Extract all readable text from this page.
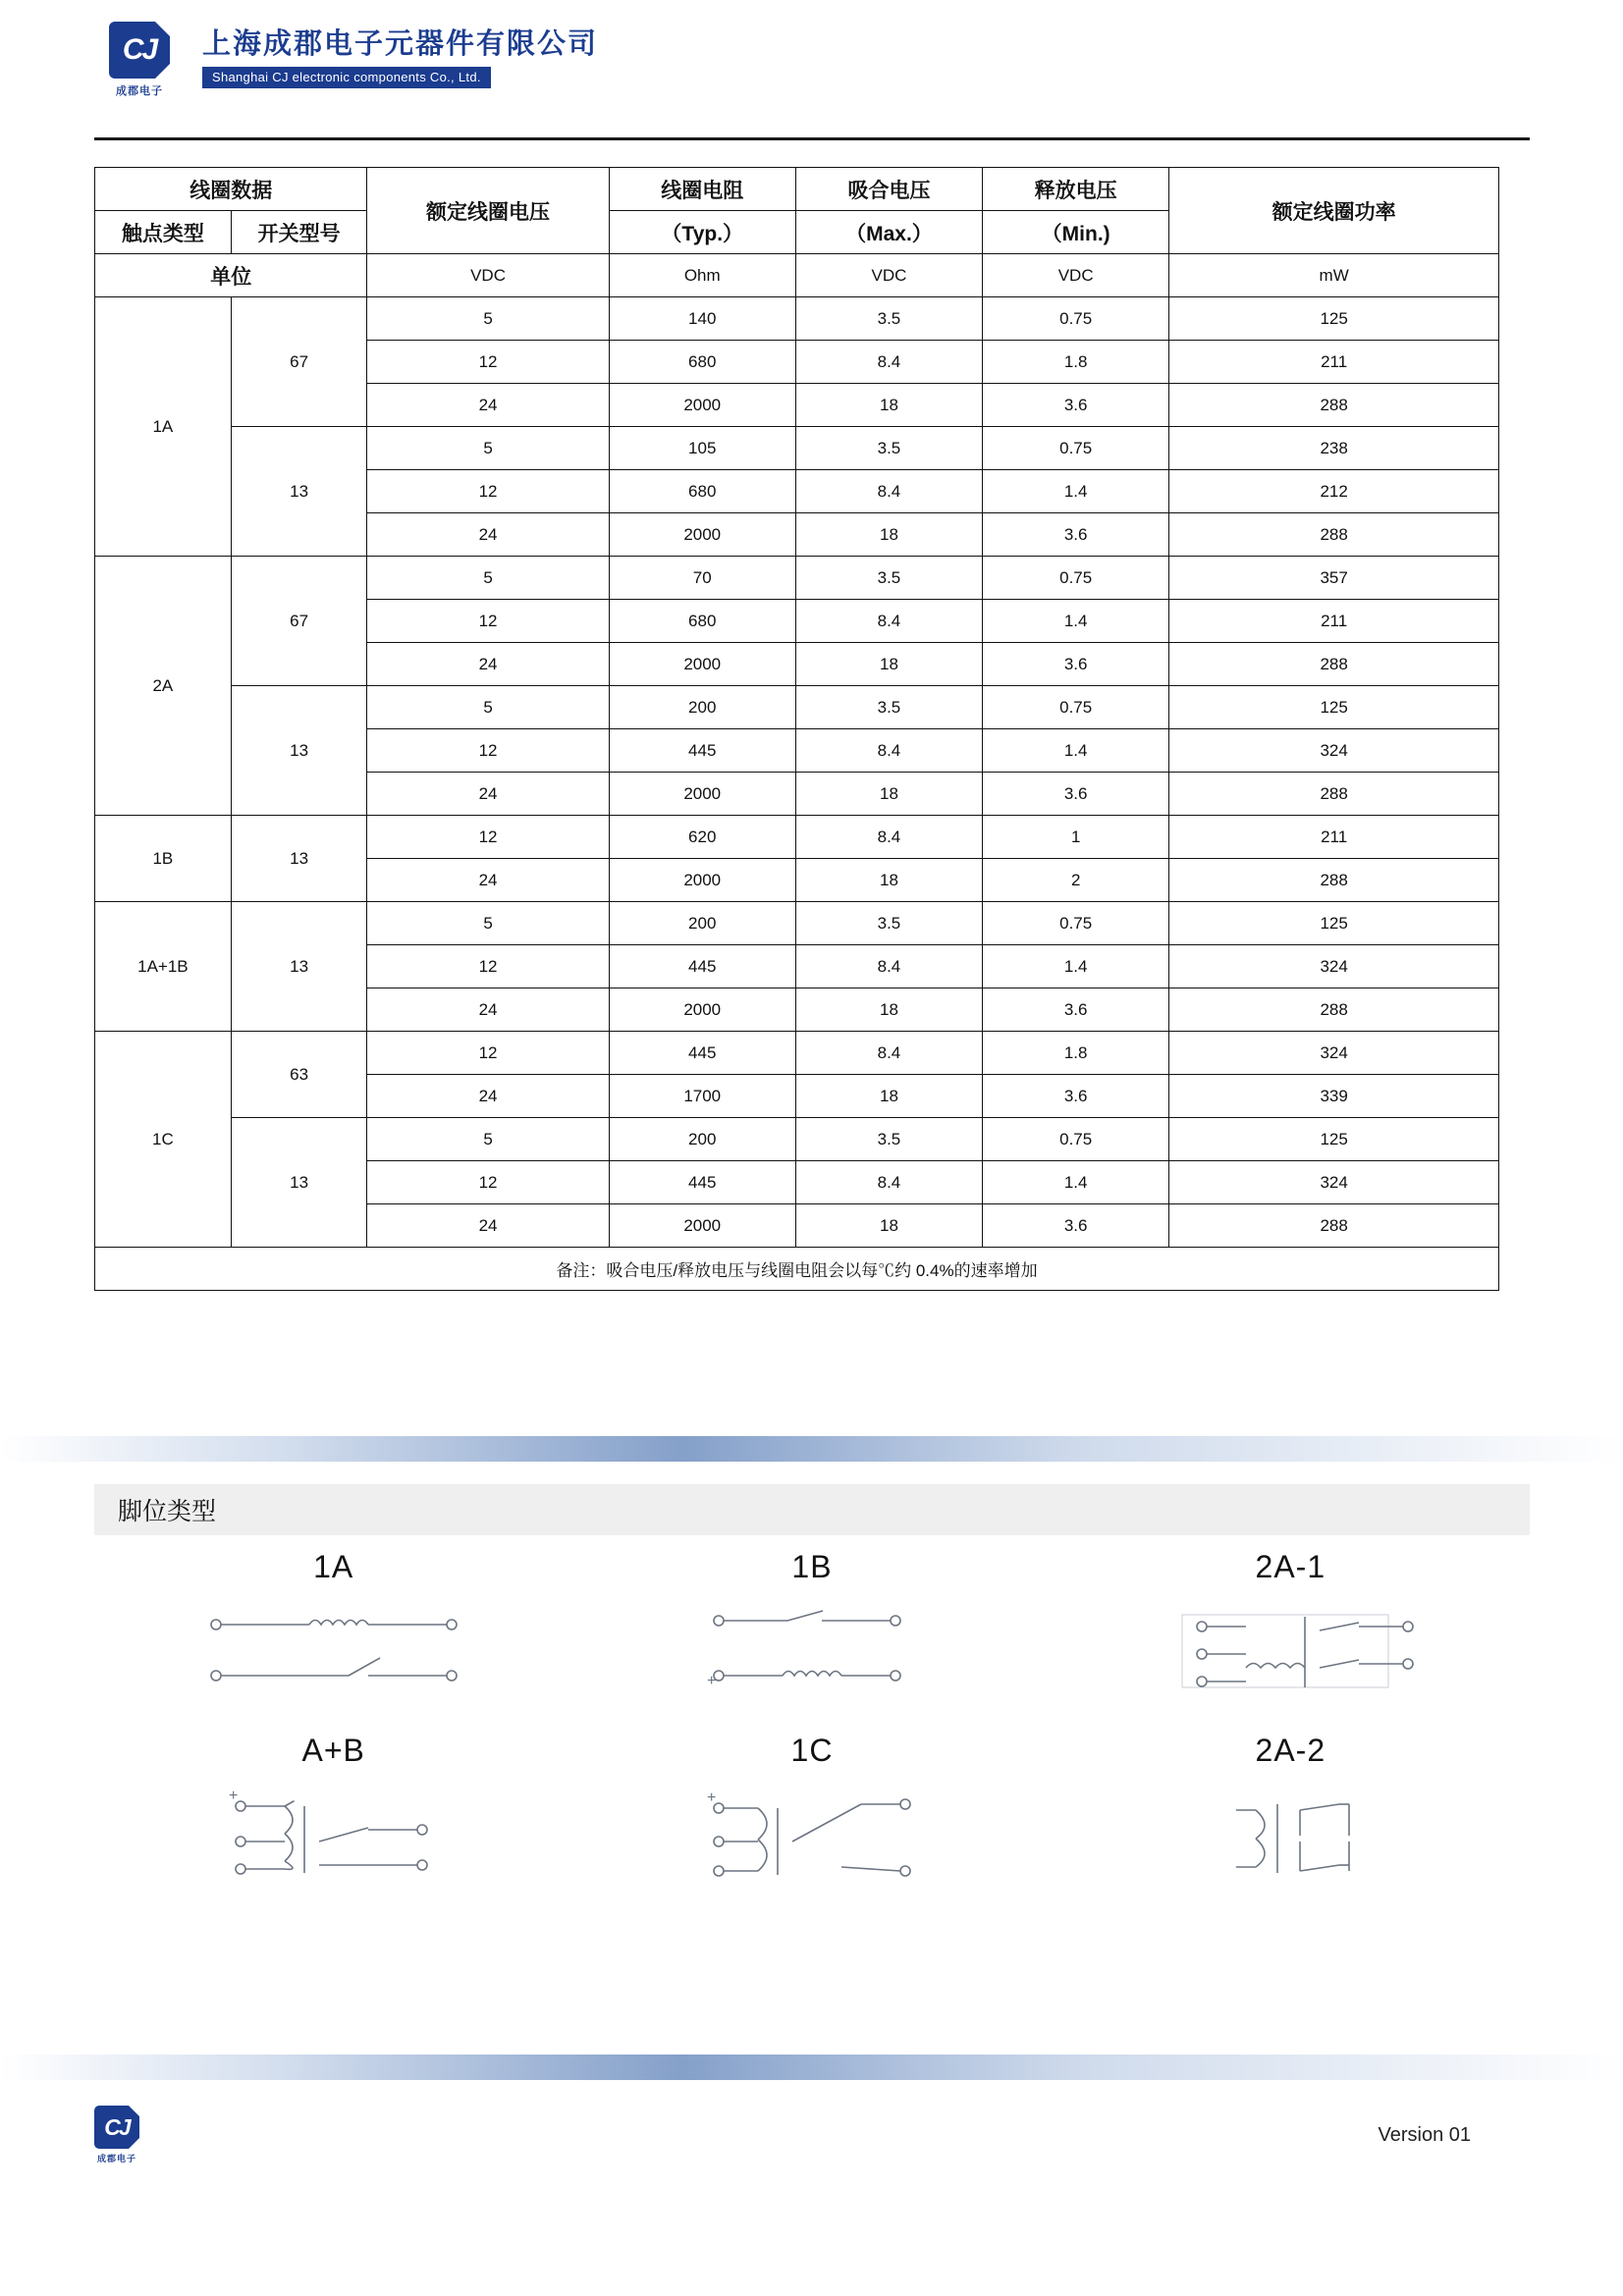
CJ
成郡电子
上海成郡电子元器件有限公司
Shanghai CJ electronic components Co., Ltd.
线圈数据		额定线圈电压	线圈电阻	吸合电压	释放电压	额定线圈功率
触点类型	开关型号		（Typ.）	（Max.）	（Min.)	
单位		VDC	Ohm	VDC	VDC	mW
1A	67	5	140	3.5	0.75	125
		12	680	8.4	1.8	211
		24	2000	18	3.6	288
	13	5	105	3.5	0.75	238
		12	680	8.4	1.4	212
		24	2000	18	3.6	288
2A	67	5	70	3.5	0.75	357
		12	680	8.4	1.4	211
		24	2000	18	3.6	288
	13	5	200	3.5	0.75	125
		12	445	8.4	1.4	324
		24	2000	18	3.6	288
1B	13	12	620	8.4	1	211
		24	2000	18	2	288
1A+1B	13	5	200	3.5	0.75	125
		12	445	8.4	1.4	324
		24	2000	18	3.6	288
1C	63	12	445	8.4	1.8	324
		24	1700	18	3.6	339
	13	5	200	3.5	0.75	125
		12	445	8.4	1.4	324
		24	2000	18	3.6	288
备注：吸合电压/释放电压与线圈电阻会以每℃约 0.4%的速率增加						
脚位类型
1A	1B
+
2A-1
A+B
+
1C
+
2A-2
CJ
成郡电子
Version 01
